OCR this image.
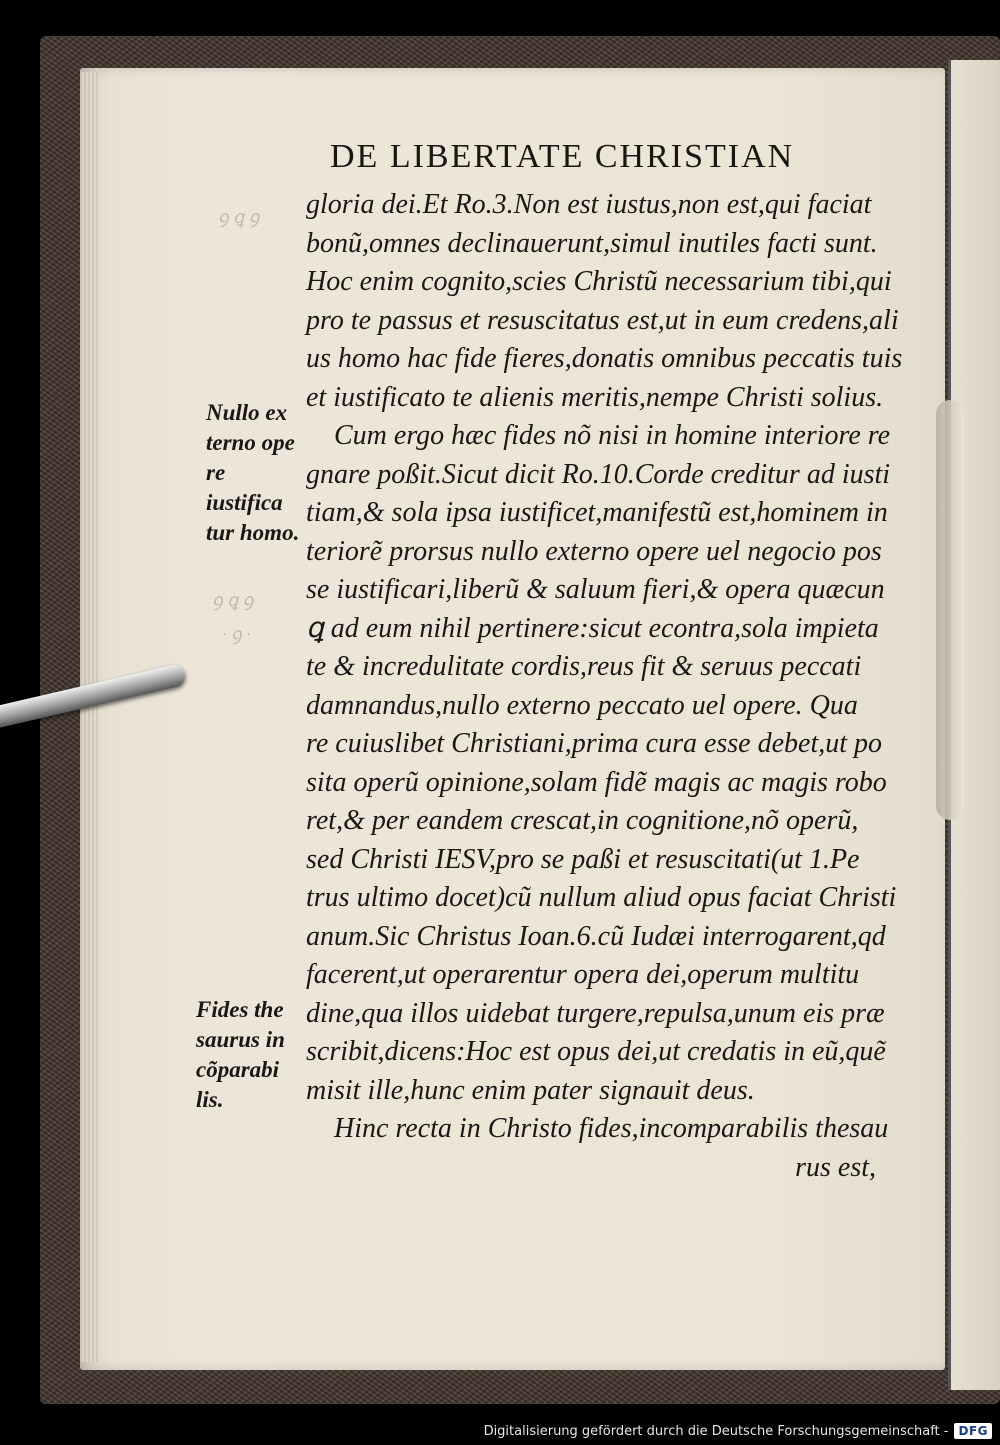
DE LIBERTATE CHRISTIAN
ꝯ ꝗ ꝯ
ꝯ ꝗ ꝯ
· ꝯ ·
gloria dei.Et Ro.3.Non est iustus,non est,qui faciat
bonũ,omnes declinauerunt,simul inutiles facti sunt.
Hoc enim cognito,scies Christũ necessarium tibi,qui
pro te passus et resuscitatus est,ut in eum credens,ali
us homo hac fide fieres,donatis omnibus peccatis tuis
et iustificato te alienis meritis,nempe Christi solius.
Cum ergo hæc fides nõ nisi in homine interiore re
gnare poßit.Sicut dicit Ro.10.Corde creditur ad iusti
tiam,& sola ipsa iustificet,manifestũ est,hominem in
teriorẽ prorsus nullo externo opere uel negocio pos
se iustificari,liberũ & saluum fieri,& opera quæcun
ꝗ ad eum nihil pertinere:sicut econtra,sola impieta
te & incredulitate cordis,reus fit & seruus peccati
damnandus,nullo externo peccato uel opere. Qua
re cuiuslibet Christiani,prima cura esse debet,ut po
sita operũ opinione,solam fidẽ magis ac magis robo
ret,& per eandem crescat,in cognitione,nõ operũ,
sed Christi IESV,pro se paßi et resuscitati(ut 1.Pe
trus ultimo docet)cũ nullum aliud opus faciat Christi
anum.Sic Christus Ioan.6.cũ Iudæi interrogarent,qd
facerent,ut operarentur opera dei,operum multitu
dine,qua illos uidebat turgere,repulsa,unum eis præ
scribit,dicens:Hoc est opus dei,ut credatis in eũ,quẽ
misit ille,hunc enim pater signauit deus.
Hinc recta in Christo fides,incomparabilis thesau
rus est,
Nullo ex
terno ope
re iustifica
tur homo.
Fides the
saurus in
cõparabi
lis.
Digitalisierung gefördert durch die Deutsche Forschungsgemeinschaft - DFG
